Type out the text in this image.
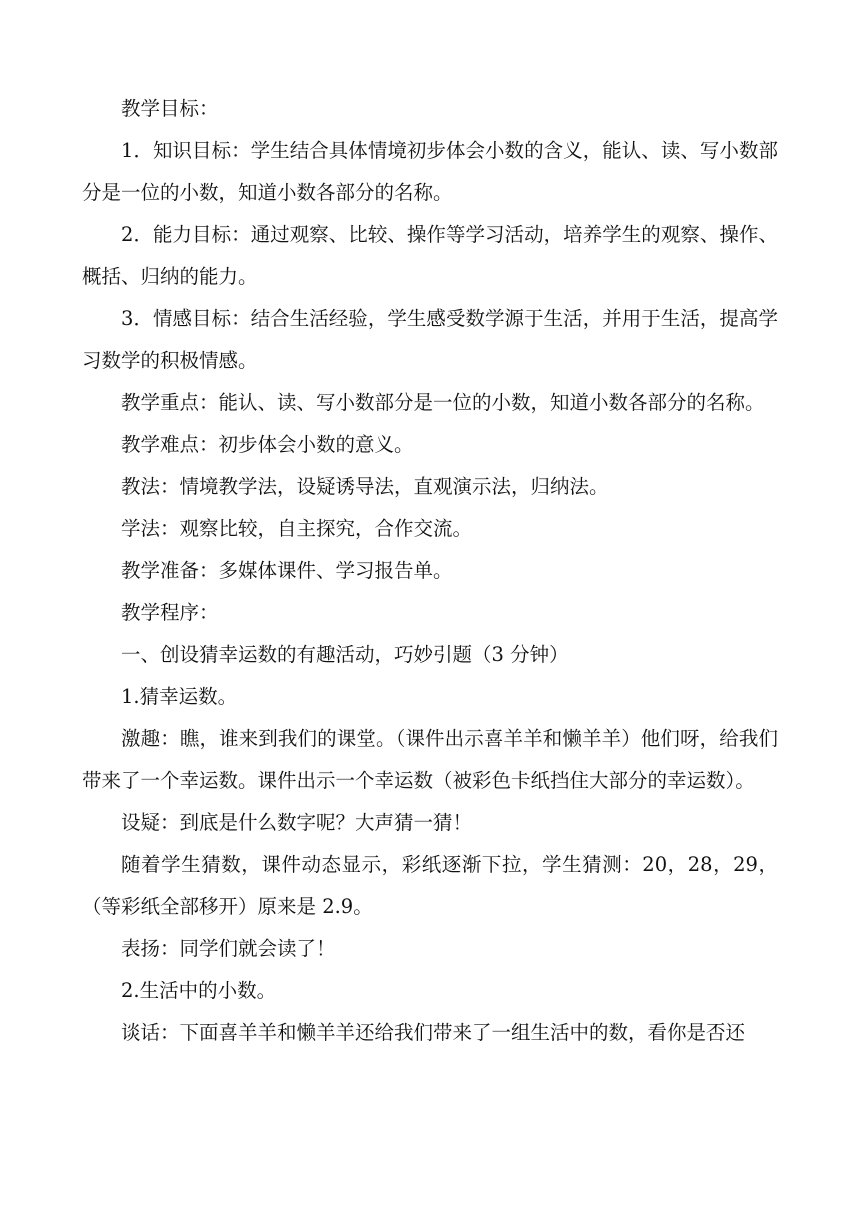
教学目标：

1．知识目标：学生结合具体情境初步体会小数的含义，能认、读、写小数部分是一位的小数，知道小数各部分的名称。

2．能力目标：通过观察、比较、操作等学习活动，培养学生的观察、操作、概括、归纳的能力。

3．情感目标：结合生活经验，学生感受数学源于生活，并用于生活，提高学习数学的积极情感。

教学重点：能认、读、写小数部分是一位的小数，知道小数各部分的名称。

教学难点：初步体会小数的意义。

教法：情境教学法，设疑诱导法，直观演示法，归纳法。

学法：观察比较，自主探究，合作交流。

教学准备：多媒体课件、学习报告单。

教学程序：

一、创设猜幸运数的有趣活动，巧妙引题（3 分钟）

1.猜幸运数。

激趣：瞧，谁来到我们的课堂。（课件出示喜羊羊和懒羊羊）他们呀，给我们带来了一个幸运数。课件出示一个幸运数（被彩色卡纸挡住大部分的幸运数）。

设疑：到底是什么数字呢？大声猜一猜！

随着学生猜数，课件动态显示，彩纸逐渐下拉，学生猜测：20，28，29，（等彩纸全部移开）原来是 2.9。

表扬：同学们就会读了！

2.生活中的小数。

谈话：下面喜羊羊和懒羊羊还给我们带来了一组生活中的数，看你是否还
